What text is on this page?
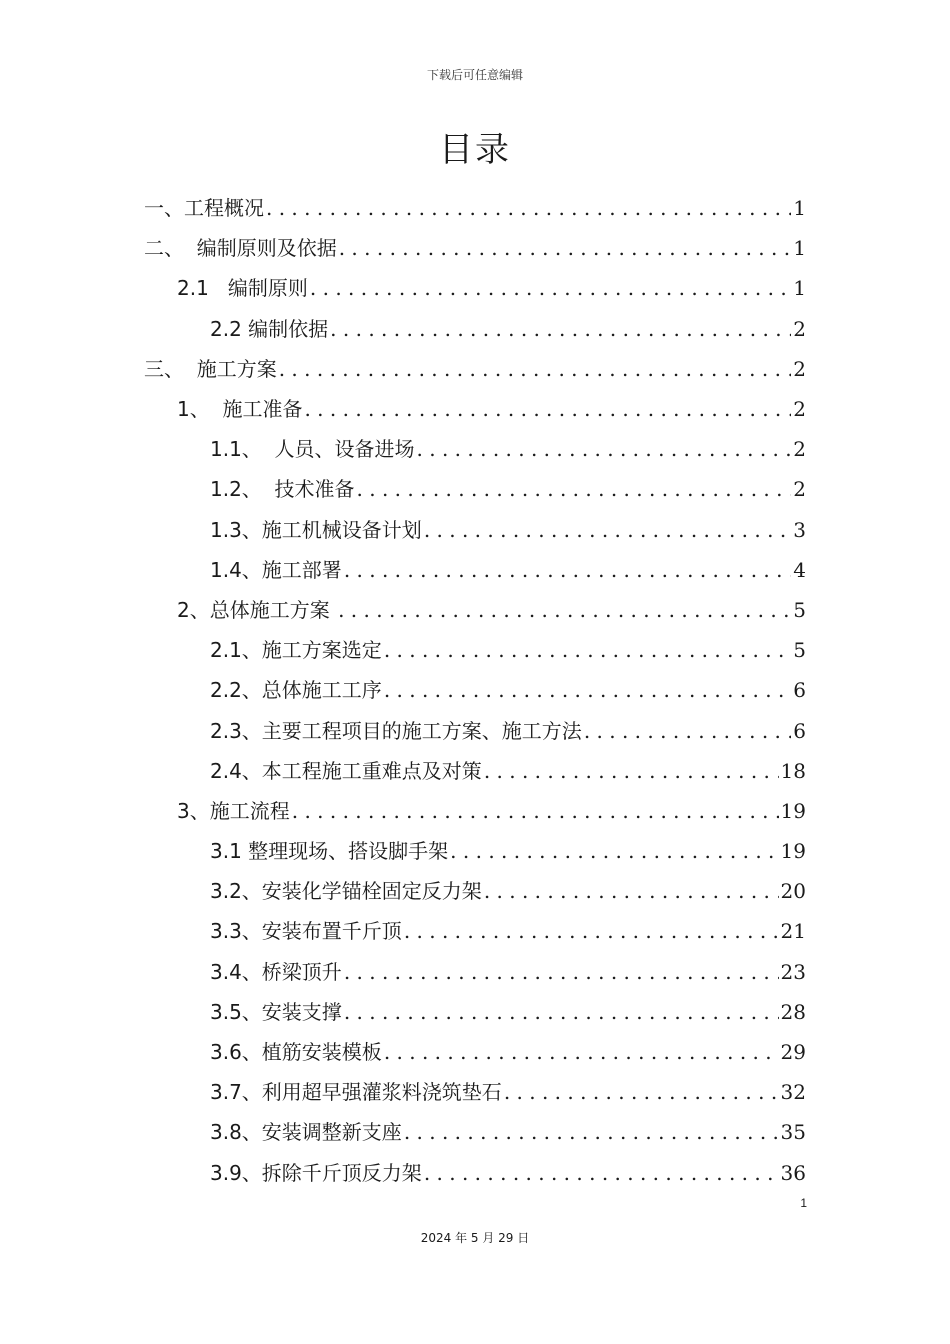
下载后可任意编辑
目录
一、工程概况 . . .	1
二、  编制原则及依据 . . .	1
2.1   编制原则 . . .	1
2.2 编制依据 . . .	2
三、  施工方案 . . .	2
1、  施工准备 . . .	2
1.1、  人员、设备进场 . . .	2
1.2、  技术准备 . . .	2
1.3、施工机械设备计划 . . .	3
1.4、施工部署 . . .	4
2、总体施工方案 . . .	5
2.1、施工方案选定 . . .	5
2.2、总体施工工序 . . .	6
2.3、主要工程项目的施工方案、施工方法 . . .	6
2.4、本工程施工重难点及对策 . . .	18
3、施工流程 . . .	19
3.1 整理现场、搭设脚手架 . . .	19
3.2、安装化学锚栓固定反力架 . . .	20
3.3、安装布置千斤顶 . . .	21
3.4、桥梁顶升 . . .	23
3.5、安装支撑 . . .	28
3.6、植筋安装模板 . . .	29
3.7、利用超早强灌浆料浇筑垫石 . . .	32
3.8、安装调整新支座 . . .	35
3.9、拆除千斤顶反力架 . . .	36
1
2024 年 5 月 29 日
